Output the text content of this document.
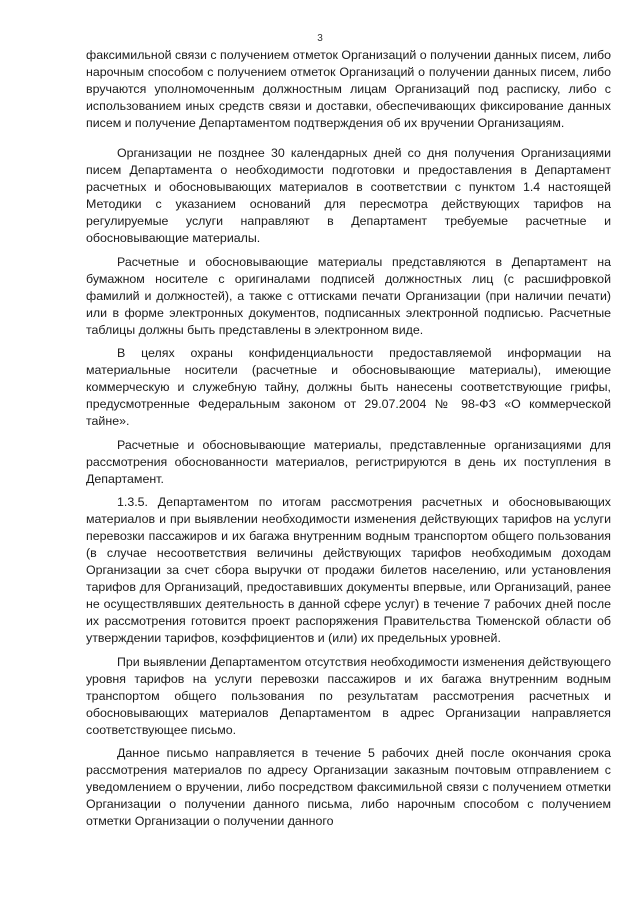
3

факсимильной связи с получением отметок Организаций о получении данных писем, либо нарочным способом с получением отметок Организаций о получении данных писем, либо вручаются уполномоченным должностным лицам Организаций под расписку, либо с использованием иных средств связи и доставки, обеспечивающих фиксирование данных писем и получение Департаментом подтверждения об их вручении Организациям.

Организации не позднее 30 календарных дней со дня получения Организациями писем Департамента о необходимости подготовки и предоставления в Департамент расчетных и обосновывающих материалов в соответствии с пунктом 1.4 настоящей Методики с указанием оснований для пересмотра действующих тарифов на регулируемые услуги направляют в Департамент требуемые расчетные и обосновывающие материалы.

Расчетные и обосновывающие материалы представляются в Департамент на бумажном носителе с оригиналами подписей должностных лиц (с расшифровкой фамилий и должностей), а также с оттисками печати Организации (при наличии печати) или в форме электронных документов, подписанных электронной подписью. Расчетные таблицы должны быть представлены в электронном виде.

В целях охраны конфиденциальности предоставляемой информации на материальные носители (расчетные и обосновывающие материалы), имеющие коммерческую и служебную тайну, должны быть нанесены соответствующие грифы, предусмотренные Федеральным законом от 29.07.2004 № 98-ФЗ «О коммерческой тайне».

Расчетные и обосновывающие материалы, представленные организациями для рассмотрения обоснованности материалов, регистрируются в день их поступления в Департамент.

1.3.5. Департаментом по итогам рассмотрения расчетных и обосновывающих материалов и при выявлении необходимости изменения действующих тарифов на услуги перевозки пассажиров и их багажа внутренним водным транспортом общего пользования (в случае несоответствия величины действующих тарифов необходимым доходам Организации за счет сбора выручки от продажи билетов населению, или установления тарифов для Организаций, предоставивших документы впервые, или Организаций, ранее не осуществлявших деятельность в данной сфере услуг) в течение 7 рабочих дней после их рассмотрения готовится проект распоряжения Правительства Тюменской области об утверждении тарифов, коэффициентов и (или) их предельных уровней.

При выявлении Департаментом отсутствия необходимости изменения действующего уровня тарифов на услуги перевозки пассажиров и их багажа внутренним водным транспортом общего пользования по результатам рассмотрения расчетных и обосновывающих материалов Департаментом в адрес Организации направляется соответствующее письмо.

Данное письмо направляется в течение 5 рабочих дней после окончания срока рассмотрения материалов по адресу Организации заказным почтовым отправлением с уведомлением о вручении, либо посредством факсимильной связи с получением отметки Организации о получении данного письма, либо нарочным способом с получением отметки Организации о получении данного
